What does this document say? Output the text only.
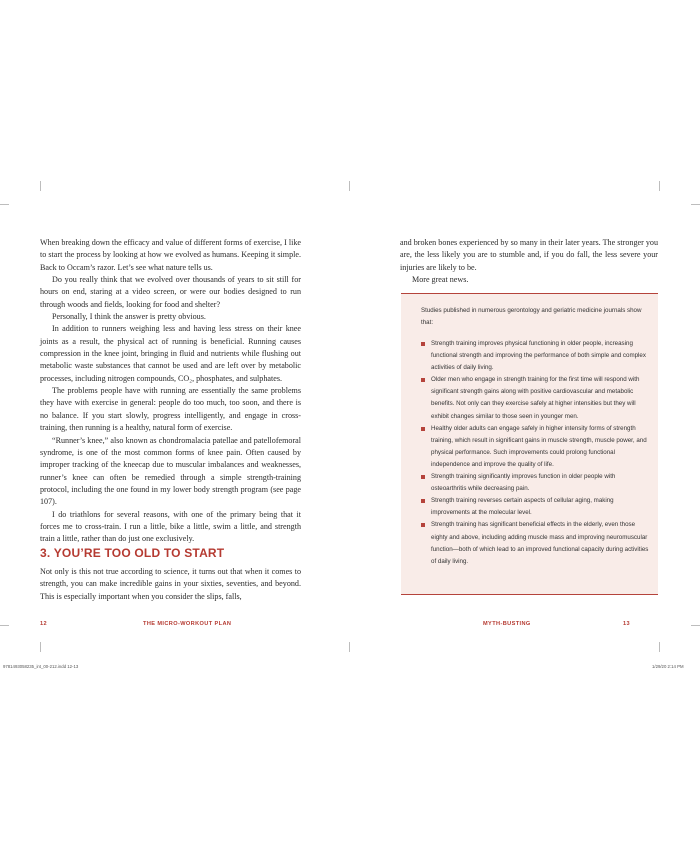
When breaking down the efficacy and value of different forms of exercise, I like to start the process by looking at how we evolved as humans. Keeping it simple. Back to Occam’s razor. Let’s see what nature tells us.

Do you really think that we evolved over thousands of years to sit still for hours on end, staring at a video screen, or were our bodies designed to run through woods and fields, looking for food and shelter?

Personally, I think the answer is pretty obvious.

In addition to runners weighing less and having less stress on their knee joints as a result, the physical act of running is beneficial. Running causes compression in the knee joint, bringing in fluid and nutrients while flushing out metabolic waste substances that cannot be used and are left over by metabolic processes, including nitrogen compounds, CO₂, phosphates, and sulphates.

The problems people have with running are essentially the same problems they have with exercise in general: people do too much, too soon, and there is no balance. If you start slowly, progress intelligently, and engage in cross-training, then running is a healthy, natural form of exercise.

“Runner’s knee,” also known as chondromalacia patellae and patellofemoral syndrome, is one of the most common forms of knee pain. Often caused by improper tracking of the kneecap due to muscular imbalances and weaknesses, runner’s knee can often be remedied through a simple strength-training protocol, including the one found in my lower body strength program (see page 107).

I do triathlons for several reasons, with one of the primary being that it forces me to cross-train. I run a little, bike a little, swim a little, and strength train a little, rather than do just one exclusively.

3. YOU’RE TOO OLD TO START

Not only is this not true according to science, it turns out that when it comes to strength, you can make incredible gains in your sixties, seventies, and beyond. This is especially important when you consider the slips, falls,

12	THE MICRO-WORKOUT PLAN
9781493058235_int_00-212.indd 12-13

and broken bones experienced by so many in their later years. The stronger you are, the less likely you are to stumble and, if you do fall, the less severe your injuries are likely to be.

More great news.

Studies published in numerous gerontology and geriatric medicine journals show that:

Strength training improves physical functioning in older people, increasing functional strength and improving the performance of both simple and complex activities of daily living.
Older men who engage in strength training for the first time will respond with significant strength gains along with positive cardiovascular and metabolic benefits. Not only can they exercise safely at higher intensities but they will exhibit changes similar to those seen in younger men.
Healthy older adults can engage safely in higher intensity forms of strength training, which result in significant gains in muscle strength, muscle power, and physical performance. Such improvements could prolong functional independence and improve the quality of life.
Strength training significantly improves function in older people with osteoarthritis while decreasing pain.
Strength training reverses certain aspects of cellular aging, making improvements at the molecular level.
Strength training has significant beneficial effects in the elderly, even those eighty and above, including adding muscle mass and improving neuromuscular function—both of which lead to an improved functional capacity during activities of daily living.
MYTH-BUSTING	13
1/29/20 2:14 PM
